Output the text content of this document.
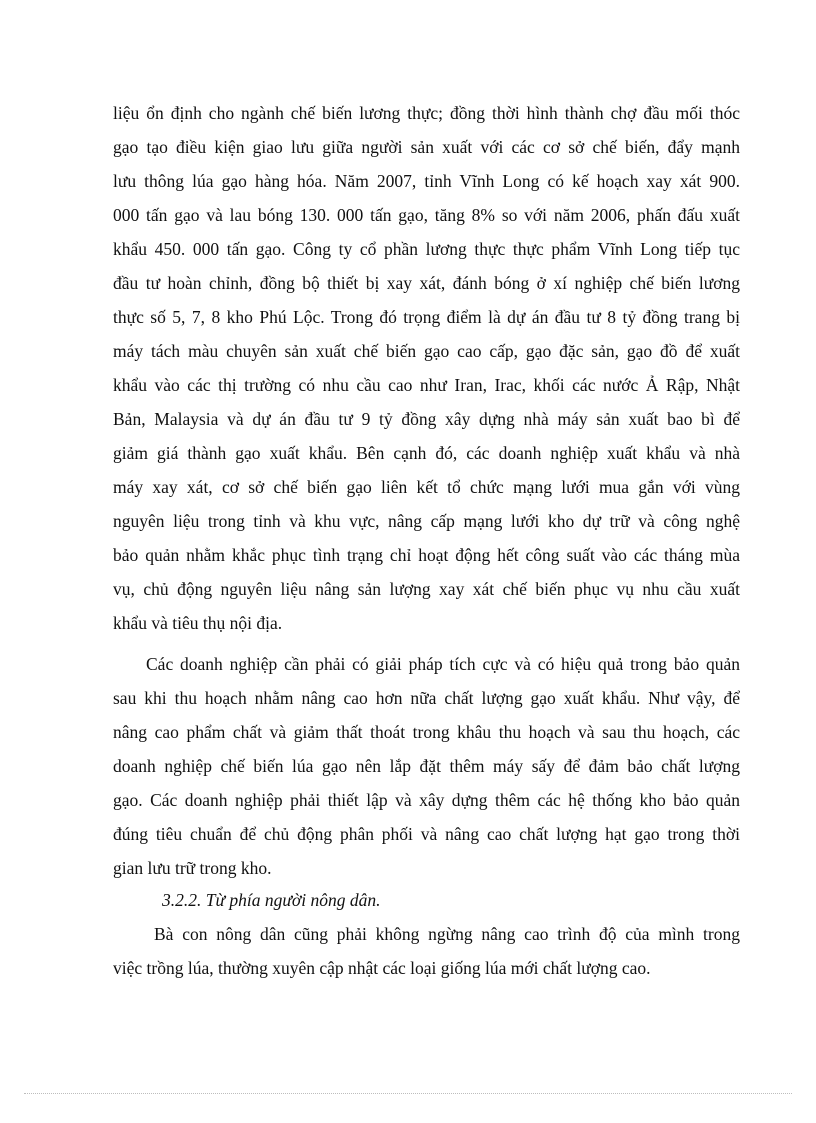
liệu ổn định cho ngành chế biến lương thực; đồng thời hình thành chợ đầu mối thóc
gạo tạo điều kiện giao lưu giữa người sản xuất với các cơ sở chế biến, đẩy mạnh
lưu thông lúa gạo hàng hóa. Năm 2007, tỉnh Vĩnh Long có kế hoạch xay xát 900.
000 tấn gạo và lau bóng 130. 000 tấn gạo, tăng 8% so với năm 2006, phấn đấu xuất
khẩu 450. 000 tấn gạo. Công ty cổ phần lương thực thực phẩm Vĩnh Long tiếp tục
đầu tư hoàn chỉnh, đồng bộ thiết bị xay xát, đánh bóng ở xí nghiệp chế biến lương
thực số 5, 7, 8 kho Phú Lộc. Trong đó trọng điểm là dự án đầu tư 8 tỷ đồng trang bị
máy tách màu chuyên sản xuất chế biến gạo cao cấp, gạo đặc sản, gạo đồ để xuất
khẩu vào các thị trường có nhu cầu cao như Iran, Irac, khối các nước Ả Rập, Nhật
Bản, Malaysia và dự án đầu tư 9 tỷ đồng xây dựng nhà máy sản xuất bao bì để
giảm giá thành gạo xuất khẩu. Bên cạnh đó, các doanh nghiệp xuất khẩu và nhà
máy xay xát, cơ sở chế biến gạo liên kết tổ chức mạng lưới mua gắn với vùng
nguyên liệu trong tỉnh và khu vực, nâng cấp mạng lưới kho dự trữ và công nghệ
bảo quản nhằm khắc phục tình trạng chỉ hoạt động hết công suất vào các tháng mùa
vụ, chủ động nguyên liệu nâng sản lượng xay xát chế biến phục vụ nhu cầu xuất
khẩu và tiêu thụ nội địa.
Các doanh nghiệp cần phải có giải pháp tích cực và có hiệu quả trong bảo quản
sau khi thu hoạch nhằm nâng cao hơn nữa chất lượng gạo xuất khẩu. Như vậy, để
nâng cao phẩm chất và giảm thất thoát trong khâu thu hoạch và sau thu hoạch, các
doanh nghiệp chế biến lúa gạo nên lắp đặt thêm máy sấy để đảm bảo chất lượng
gạo. Các doanh nghiệp phải thiết lập và xây dựng thêm các hệ thống kho bảo quản
đúng tiêu chuẩn để chủ động phân phối và nâng cao chất lượng hạt gạo trong thời
gian lưu trữ trong kho.
3.2.2. Từ phía người nông dân.
Bà con nông dân cũng phải không ngừng nâng cao trình độ của mình trong
việc trồng lúa, thường xuyên cập nhật các loại giống lúa mới chất lượng cao.
